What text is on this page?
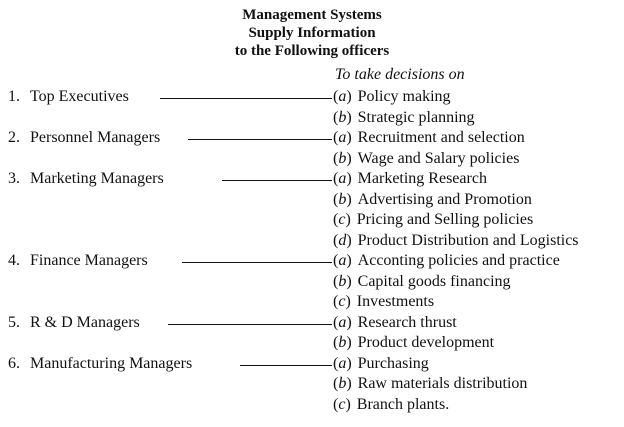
Management Systems
Supply Information
to the Following officers
To take decisions on
1. Top Executives	(a) Policy making
(b) Strategic planning
2. Personnel Managers	(a) Recruitment and selection
(b) Wage and Salary policies
3. Marketing Managers	(a) Marketing Research
(b) Advertising and Promotion
(c) Pricing and Selling policies
(d) Product Distribution and Logistics
4. Finance Managers	(a) Acconting policies and practice
(b) Capital goods financing
(c) Investments
5. R & D Managers	(a) Research thrust
(b) Product development
6. Manufacturing Managers	(a) Purchasing
(b) Raw materials distribution
(c) Branch plants.
